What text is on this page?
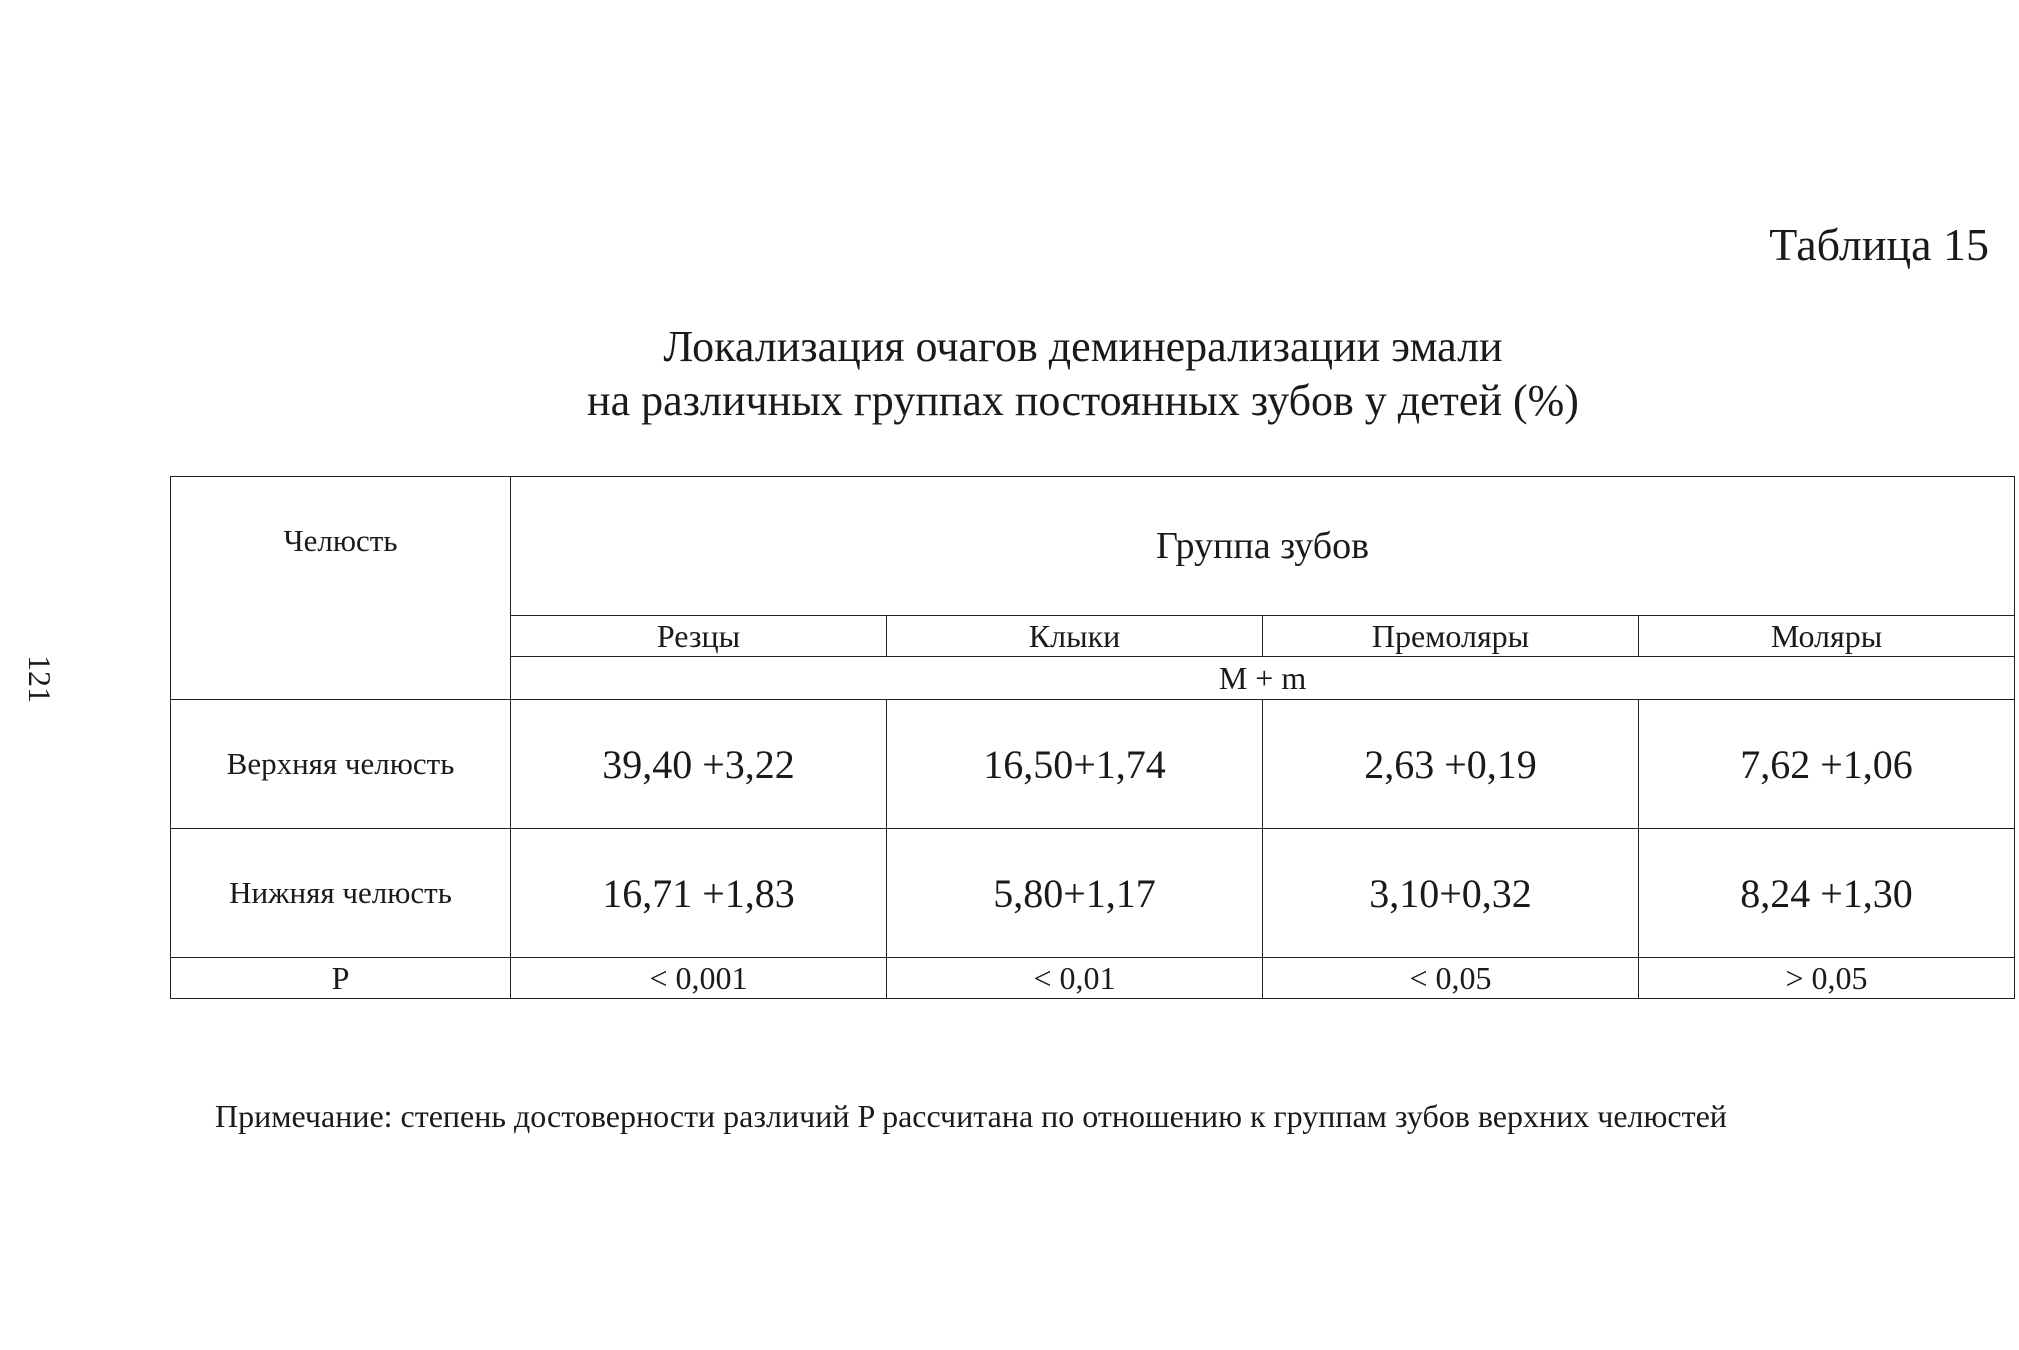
Таблица 15
121
Локализация очагов деминерализации эмали
на различных группах постоянных зубов у детей (%)
Челюсть	Группа зубов			
	Резцы	Клыки	Премоляры	Моляры
	M + m			
Верхняя челюсть	39,40 +3,22	16,50+1,74	2,63 +0,19	7,62 +1,06
Нижняя челюсть	16,71 +1,83	5,80+1,17	3,10+0,32	8,24 +1,30
P	< 0,001	< 0,01	< 0,05	> 0,05
Примечание: степень достоверности различий P рассчитана по отношению к группам зубов верхних челюстей
